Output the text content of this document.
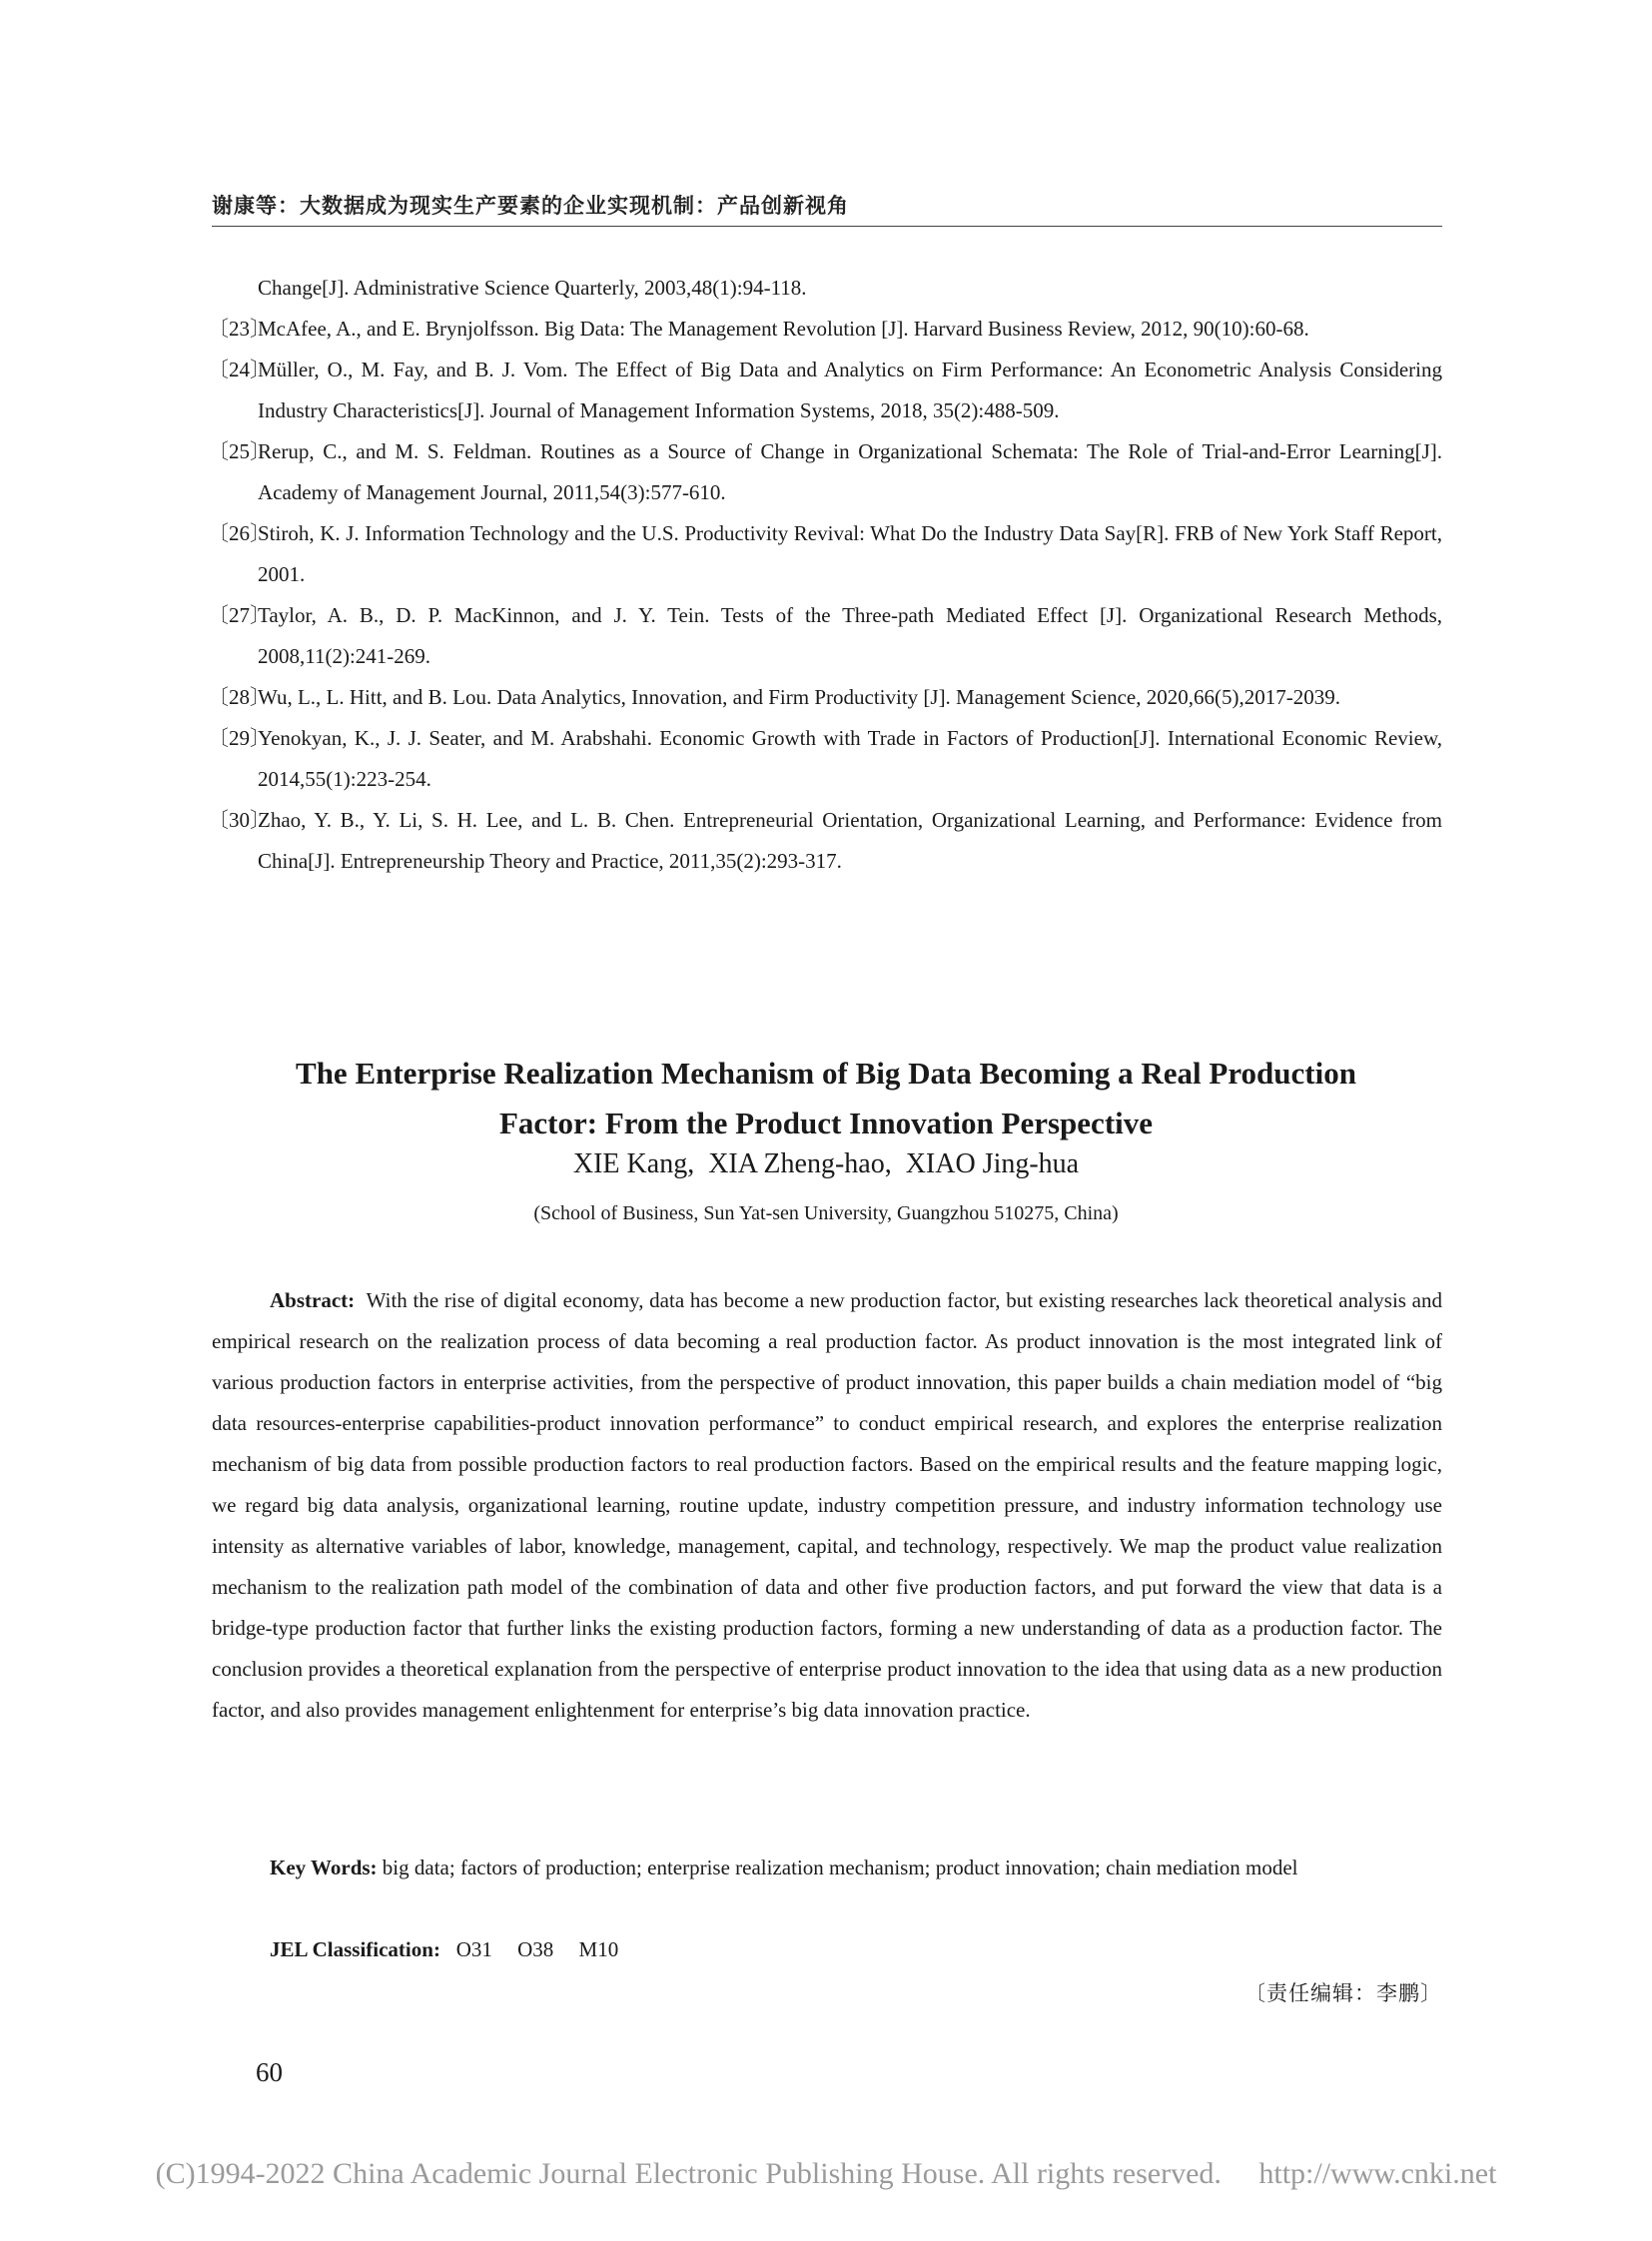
谢康等：大数据成为现实生产要素的企业实现机制：产品创新视角
Change[J]. Administrative Science Quarterly, 2003,48(1):94-118.
〔23〕
McAfee, A., and E. Brynjolfsson. Big Data: The Management Revolution [J]. Harvard Business Review, 2012, 90(10):60-68.
〔24〕
Müller, O., M. Fay, and B. J. Vom. The Effect of Big Data and Analytics on Firm Performance: An Econometric Analysis Considering Industry Characteristics[J]. Journal of Management Information Systems, 2018, 35(2):488-509.
〔25〕
Rerup, C., and M. S. Feldman. Routines as a Source of Change in Organizational Schemata: The Role of Trial-and-Error Learning[J]. Academy of Management Journal, 2011,54(3):577-610.
〔26〕
Stiroh, K. J. Information Technology and the U.S. Productivity Revival: What Do the Industry Data Say[R]. FRB of New York Staff Report, 2001.
〔27〕
Taylor, A. B., D. P. MacKinnon, and J. Y. Tein. Tests of the Three-path Mediated Effect [J]. Organizational Research Methods, 2008,11(2):241-269.
〔28〕
Wu, L., L. Hitt, and B. Lou. Data Analytics, Innovation, and Firm Productivity [J]. Management Science, 2020,66(5),2017-2039.
〔29〕
Yenokyan, K., J. J. Seater, and M. Arabshahi. Economic Growth with Trade in Factors of Production[J]. International Economic Review, 2014,55(1):223-254.
〔30〕
Zhao, Y. B., Y. Li, S. H. Lee, and L. B. Chen. Entrepreneurial Orientation, Organizational Learning, and Performance: Evidence from China[J]. Entrepreneurship Theory and Practice, 2011,35(2):293-317.
The Enterprise Realization Mechanism of Big Data Becoming a Real Production
Factor: From the Product Innovation Perspective
XIE Kang,  XIA Zheng-hao,  XIAO Jing-hua
(School of Business, Sun Yat-sen University, Guangzhou 510275, China)
Abstract: With the rise of digital economy, data has become a new production factor, but existing researches lack theoretical analysis and empirical research on the realization process of data becoming a real production factor. As product innovation is the most integrated link of various production factors in enterprise activities, from the perspective of product innovation, this paper builds a chain mediation model of “big data resources-enterprise capabilities-product innovation performance” to conduct empirical research, and explores the enterprise realization mechanism of big data from possible production factors to real production factors. Based on the empirical results and the feature mapping logic, we regard big data analysis, organizational learning, routine update, industry competition pressure, and industry information technology use intensity as alternative variables of labor, knowledge, management, capital, and technology, respectively. We map the product value realization mechanism to the realization path model of the combination of data and other five production factors, and put forward the view that data is a bridge-type production factor that further links the existing production factors, forming a new understanding of data as a production factor. The conclusion provides a theoretical explanation from the perspective of enterprise product innovation to the idea that using data as a new production factor, and also provides management enlightenment for enterprise’s big data innovation practice.
Key Words: big data; factors of production; enterprise realization mechanism; product innovation; chain mediation model
JEL Classification: O31 O38 M10
〔责任编辑：李鹏〕
60
(C)1994-2022 China Academic Journal Electronic Publishing House. All rights reserved.     http://www.cnki.net
